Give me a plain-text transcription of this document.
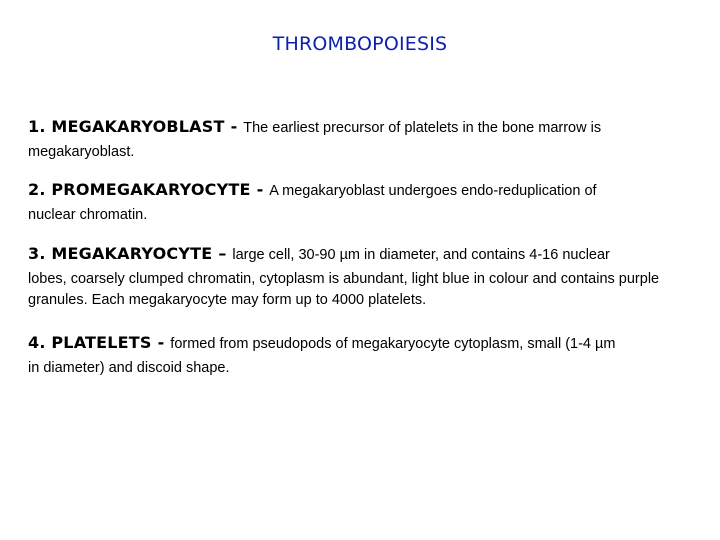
THROMBOPOIESIS
1. MEGAKARYOBLAST - The earliest precursor of platelets in the bone marrow is
megakaryoblast.
2. PROMEGAKARYOCYTE - A megakaryoblast undergoes endo-reduplication of
nuclear chromatin.
3. MEGAKARYOCYTE – large cell, 30-90 µm in diameter, and contains 4-16 nuclear
lobes, coarsely clumped chromatin, cytoplasm is abundant, light blue in colour and contains purple granules. Each megakaryocyte may form up to 4000 platelets.
4. PLATELETS - formed from pseudopods of megakaryocyte cytoplasm, small (1-4 µm
in diameter) and discoid shape.
